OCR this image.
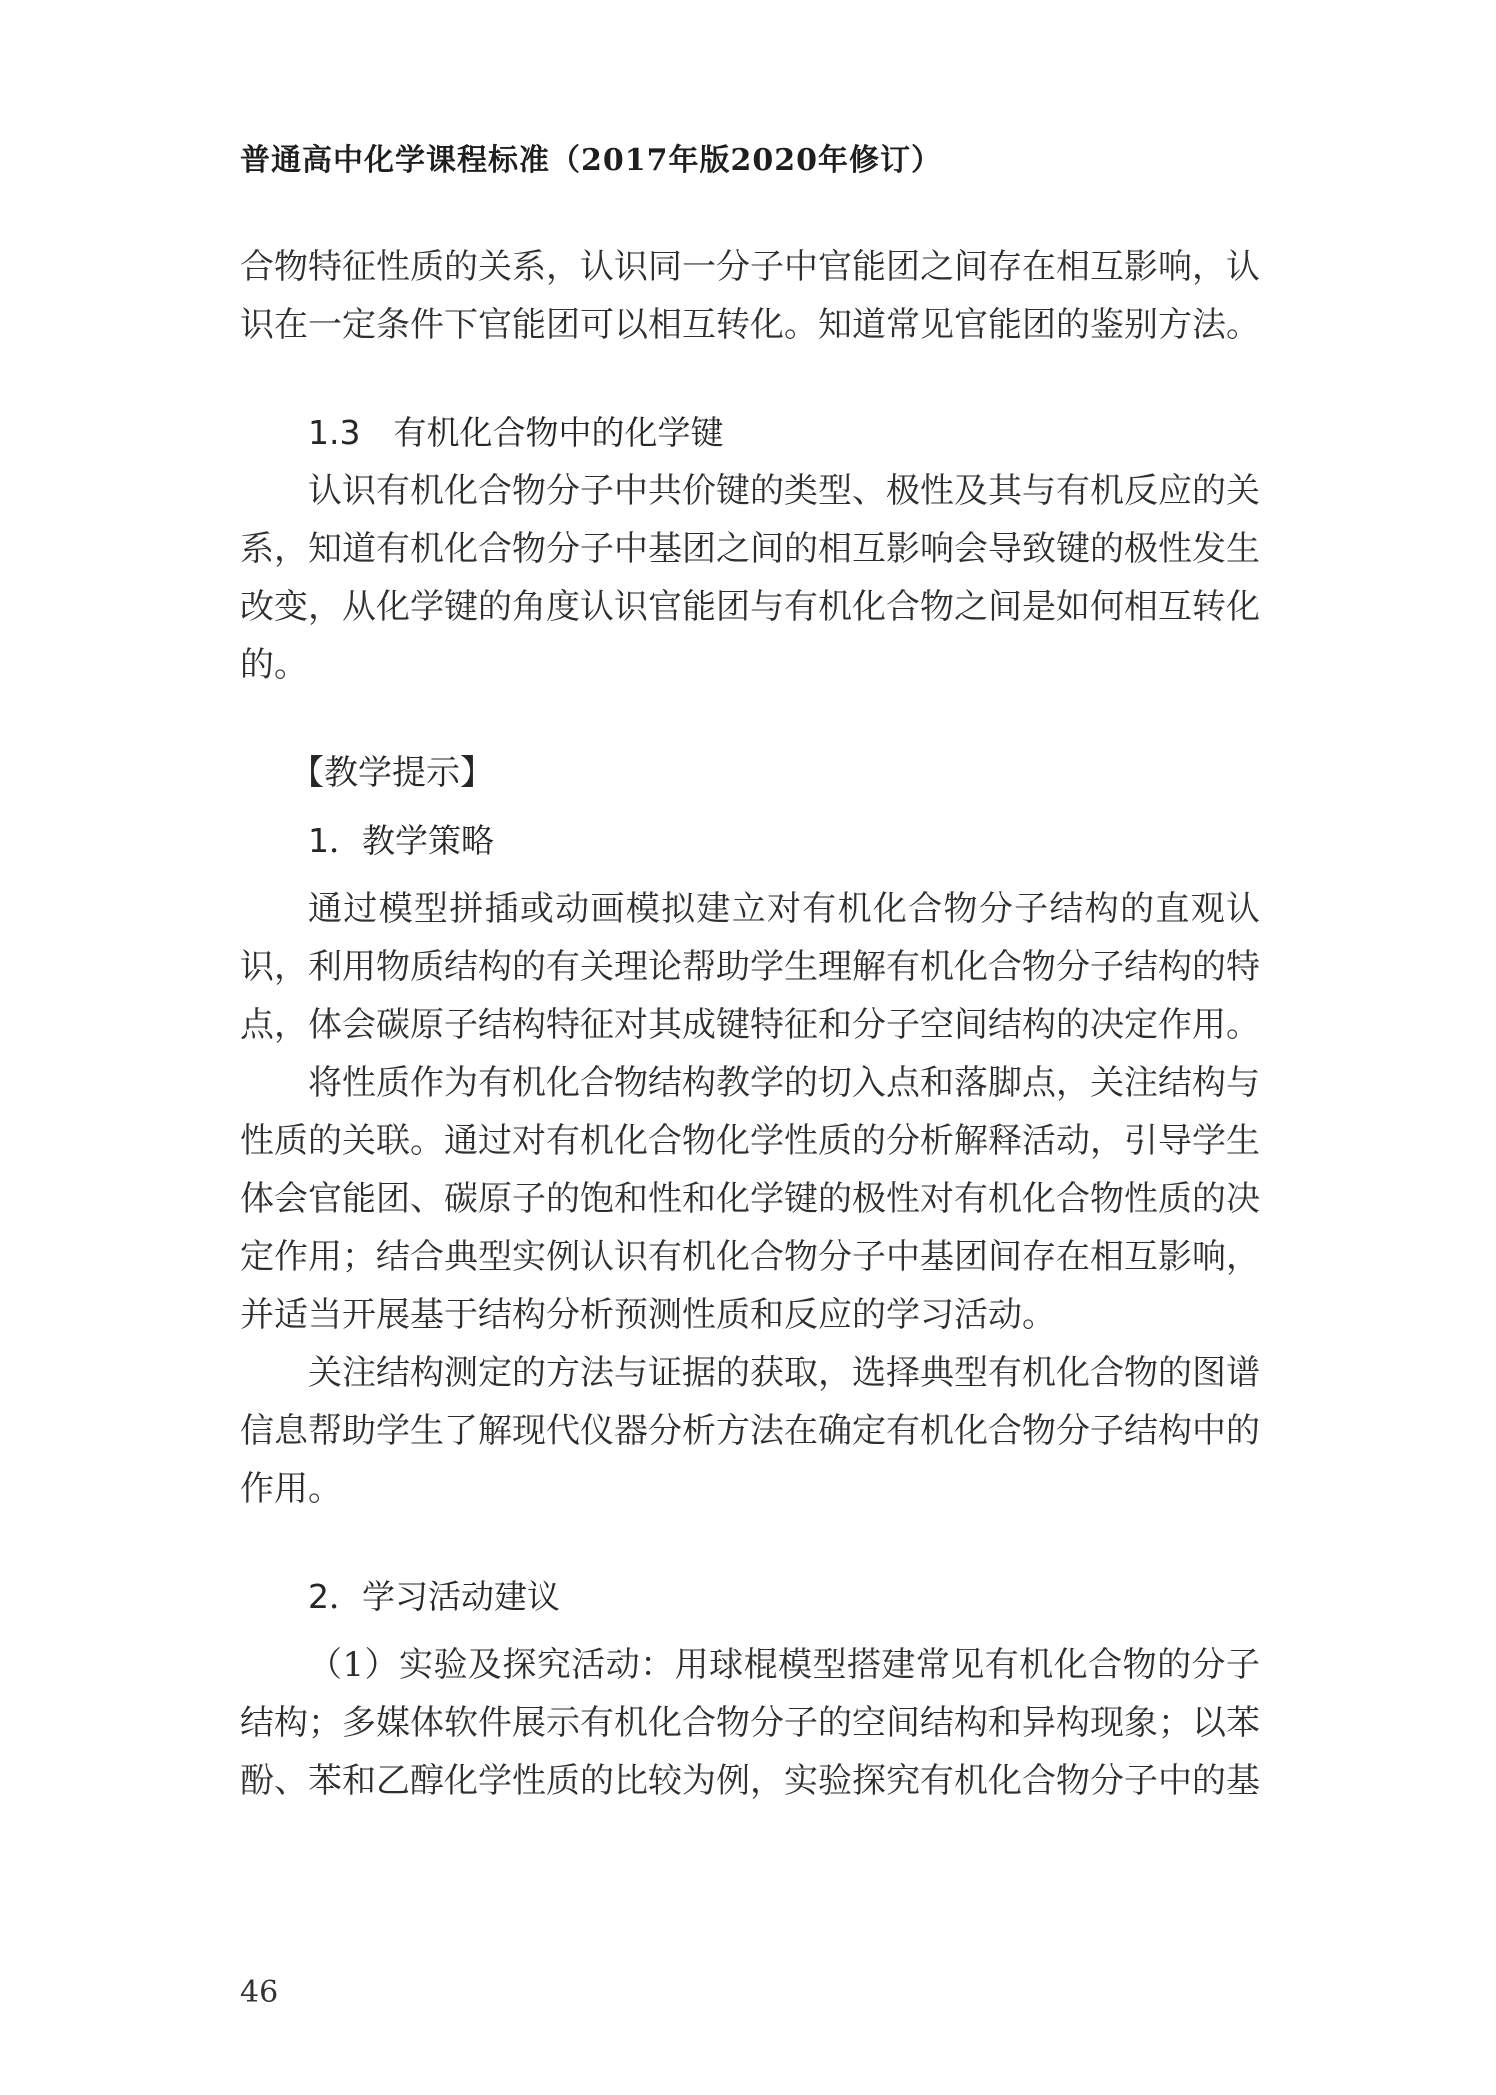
普通高中化学课程标准（2017年版2020年修订）

合物特征性质的关系，认识同一分子中官能团之间存在相互影响，认识在一定条件下官能团可以相互转化。知道常见官能团的鉴别方法。

1.3　有机化合物中的化学键

认识有机化合物分子中共价键的类型、极性及其与有机反应的关系，知道有机化合物分子中基团之间的相互影响会导致键的极性发生改变，从化学键的角度认识官能团与有机化合物之间是如何相互转化的。

【教学提示】

1．教学策略

通过模型拼插或动画模拟建立对有机化合物分子结构的直观认识，利用物质结构的有关理论帮助学生理解有机化合物分子结构的特点，体会碳原子结构特征对其成键特征和分子空间结构的决定作用。

将性质作为有机化合物结构教学的切入点和落脚点，关注结构与性质的关联。通过对有机化合物化学性质的分析解释活动，引导学生体会官能团、碳原子的饱和性和化学键的极性对有机化合物性质的决定作用；结合典型实例认识有机化合物分子中基团间存在相互影响，并适当开展基于结构分析预测性质和反应的学习活动。

关注结构测定的方法与证据的获取，选择典型有机化合物的图谱信息帮助学生了解现代仪器分析方法在确定有机化合物分子结构中的作用。

2．学习活动建议

（1）实验及探究活动：用球棍模型搭建常见有机化合物的分子结构；多媒体软件展示有机化合物分子的空间结构和异构现象；以苯酚、苯和乙醇化学性质的比较为例，实验探究有机化合物分子中的基

46
